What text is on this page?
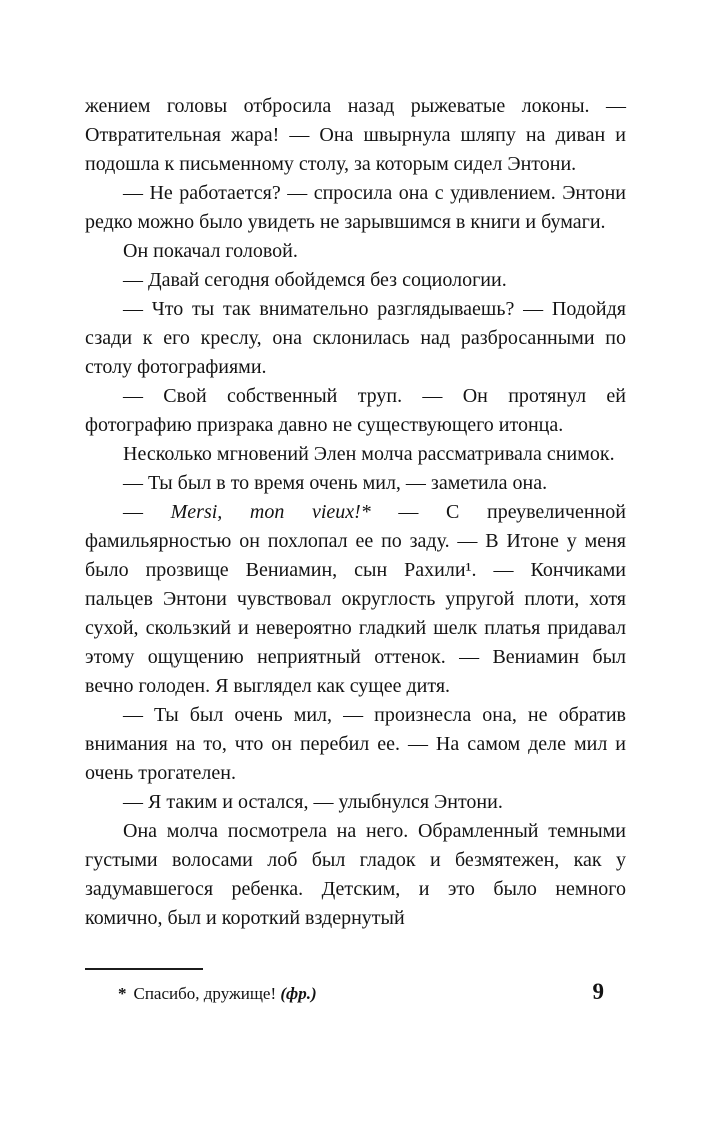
жением головы отбросила назад рыжеватые локоны. — Отвратительная жара! — Она швырнула шляпу на диван и подошла к письменному столу, за которым сидел Энтони.

— Не работается? — спросила она с удивлением. Энтони редко можно было увидеть не зарывшимся в книги и бумаги.

Он покачал головой.

— Давай сегодня обойдемся без социологии.

— Что ты так внимательно разглядываешь? — Подойдя сзади к его креслу, она склонилась над разбросанными по столу фотографиями.

— Свой собственный труп. — Он протянул ей фотографию призрака давно не существующего итонца.

Несколько мгновений Элен молча рассматривала снимок.

— Ты был в то время очень мил, — заметила она.

— Mersi, mon vieux!* — С преувеличенной фамильярностью он похлопал ее по заду. — В Итоне у меня было прозвище Вениамин, сын Рахили¹. — Кончиками пальцев Энтони чувствовал округлость упругой плоти, хотя сухой, скользкий и невероятно гладкий шелк платья придавал этому ощущению неприятный оттенок. — Вениамин был вечно голоден. Я выглядел как сущее дитя.

— Ты был очень мил, — произнесла она, не обратив внимания на то, что он перебил ее. — На самом деле мил и очень трогателен.

— Я таким и остался, — улыбнулся Энтони.

Она молча посмотрела на него. Обрамленный темными густыми волосами лоб был гладок и безмятежен, как у задумавшегося ребенка. Детским, и это было немного комично, был и короткий вздернутый

* Спасибо, дружище! (фр.)	9
